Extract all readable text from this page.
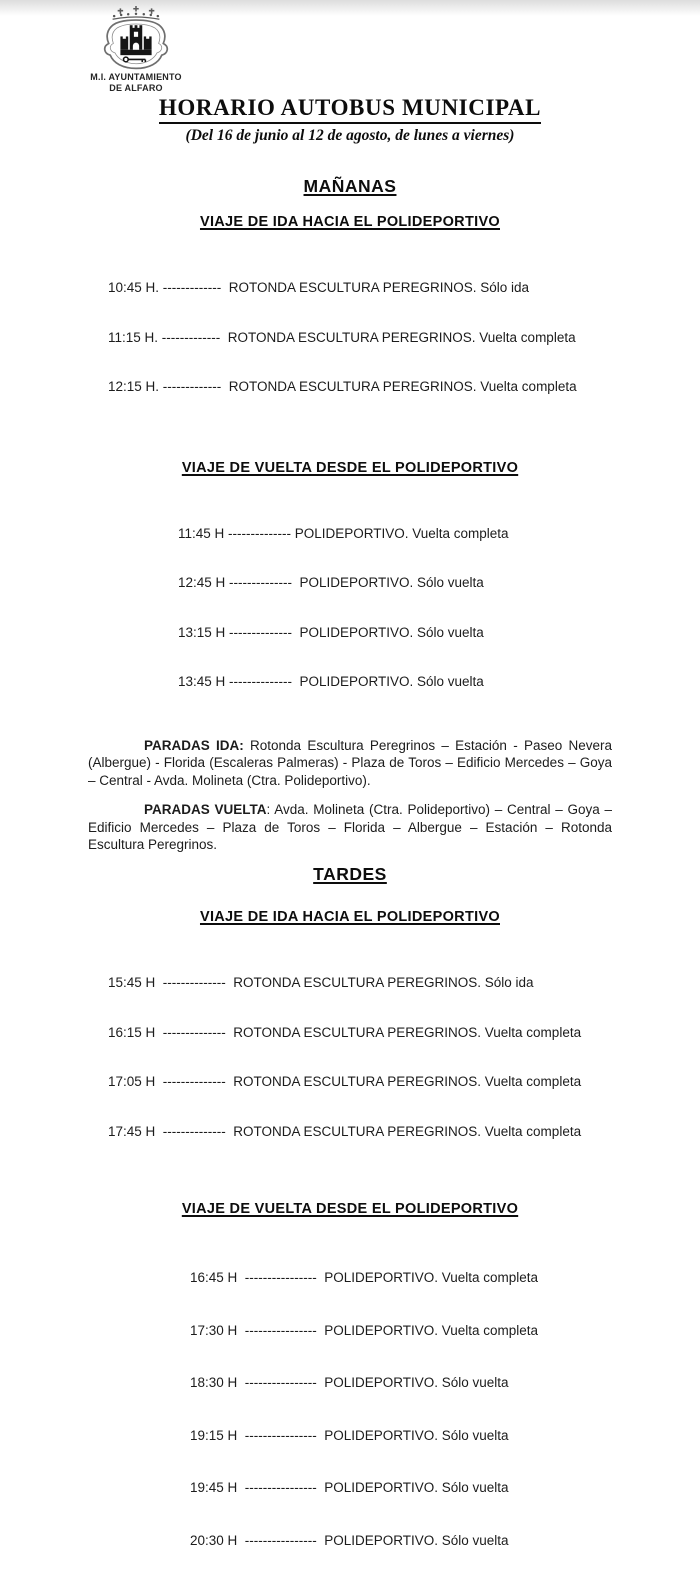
M.I. AYUNTAMIENTO
DE ALFARO
HORARIO AUTOBUS MUNICIPAL
(Del 16 de junio al 12 de agosto, de lunes a viernes)
MAÑANAS
VIAJE DE IDA HACIA EL POLIDEPORTIVO

10:45 H. -------------  ROTONDA ESCULTURA PEREGRINOS. Sólo ida

11:15 H. -------------  ROTONDA ESCULTURA PEREGRINOS. Vuelta completa

12:15 H. -------------  ROTONDA ESCULTURA PEREGRINOS. Vuelta completa

VIAJE DE VUELTA DESDE EL POLIDEPORTIVO

11:45 H -------------- POLIDEPORTIVO. Vuelta completa

12:45 H --------------  POLIDEPORTIVO. Sólo vuelta

13:15 H --------------  POLIDEPORTIVO. Sólo vuelta

13:45 H --------------  POLIDEPORTIVO. Sólo vuelta

PARADAS IDA: Rotonda Escultura Peregrinos – Estación - Paseo Nevera (Albergue) - Florida (Escaleras Palmeras) - Plaza de Toros – Edificio Mercedes – Goya – Central - Avda. Molineta (Ctra. Polideportivo).

PARADAS VUELTA: Avda. Molineta (Ctra. Polideportivo) – Central – Goya – Edificio Mercedes – Plaza de Toros – Florida – Albergue – Estación – Rotonda Escultura Peregrinos.

TARDES
VIAJE DE IDA HACIA EL POLIDEPORTIVO

15:45 H  --------------  ROTONDA ESCULTURA PEREGRINOS. Sólo ida

16:15 H  --------------  ROTONDA ESCULTURA PEREGRINOS. Vuelta completa

17:05 H  --------------  ROTONDA ESCULTURA PEREGRINOS. Vuelta completa

17:45 H  --------------  ROTONDA ESCULTURA PEREGRINOS. Vuelta completa

VIAJE DE VUELTA DESDE EL POLIDEPORTIVO

16:45 H  ----------------  POLIDEPORTIVO. Vuelta completa

17:30 H  ----------------  POLIDEPORTIVO. Vuelta completa

18:30 H  ----------------  POLIDEPORTIVO. Sólo vuelta

19:15 H  ----------------  POLIDEPORTIVO. Sólo vuelta

19:45 H  ----------------  POLIDEPORTIVO. Sólo vuelta

20:30 H  ----------------  POLIDEPORTIVO. Sólo vuelta
